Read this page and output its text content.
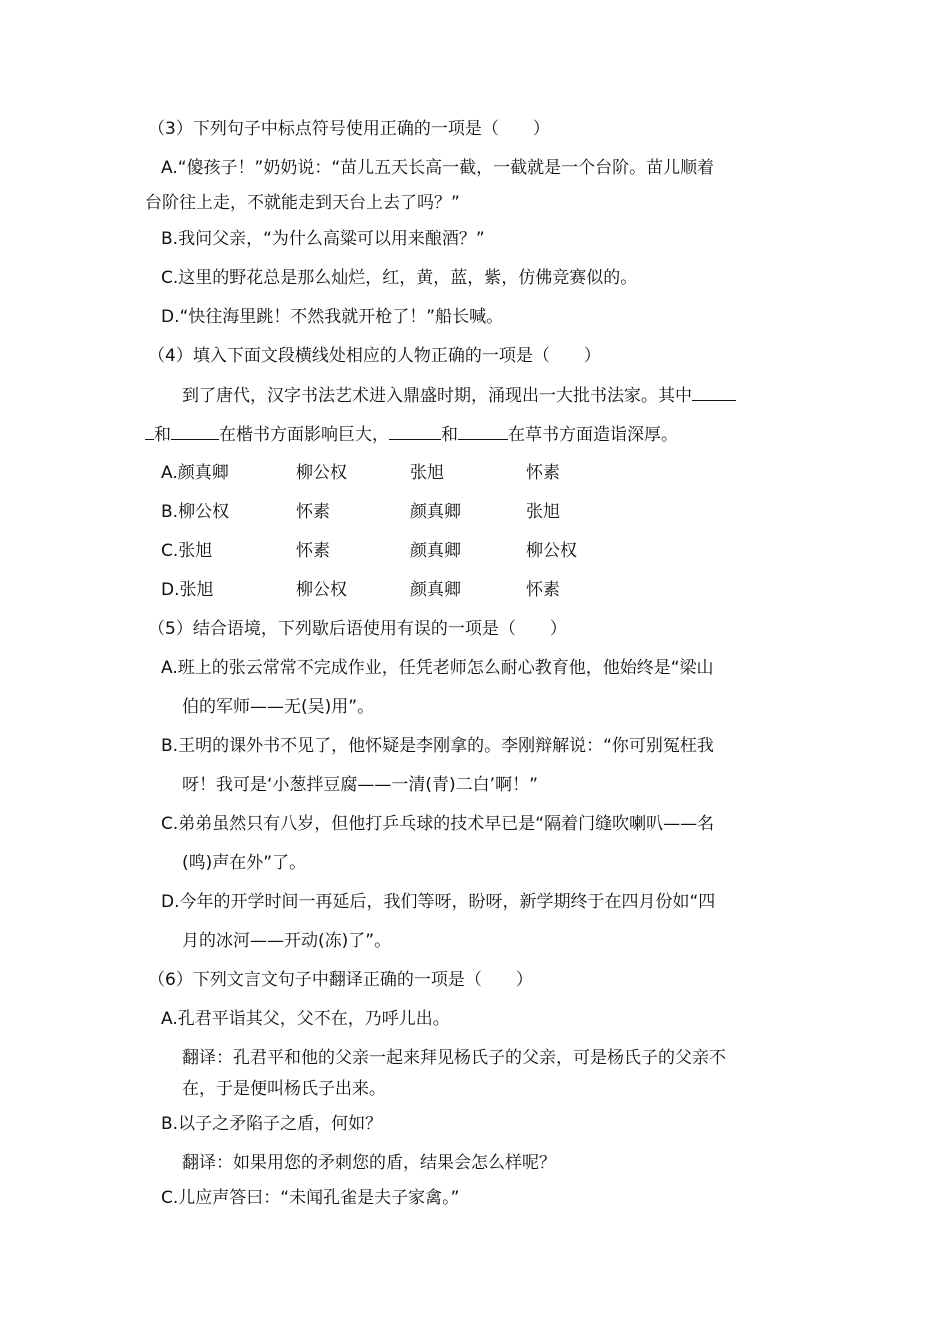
（3）下列句子中标点符号使用正确的一项是（　　）
A.“傻孩子！”奶奶说：“苗儿五天长高一截，一截就是一个台阶。苗儿顺着
台阶往上走，不就能走到天台上去了吗？”
B.我问父亲，“为什么高粱可以用来酿酒？”
C.这里的野花总是那么灿烂，红，黄，蓝，紫，仿佛竞赛似的。
D.“快往海里跳！不然我就开枪了！”船长喊。
（4）填入下面文段横线处相应的人物正确的一项是（　　）
到了唐代，汉字书法艺术进入鼎盛时期，涌现出一大批书法家。其中
和	在楷书方面影响巨大，	和	在草书方面造诣深厚。
A.颜真卿	柳公权	张旭	怀素
B.柳公权	怀素	颜真卿	张旭
C.张旭	怀素	颜真卿	柳公权
D.张旭	柳公权	颜真卿	怀素
（5）结合语境，下列歇后语使用有误的一项是（　　）
A.班上的张云常常不完成作业，任凭老师怎么耐心教育他，他始终是“梁山
伯的军师——无(吴)用”。
B.王明的课外书不见了，他怀疑是李刚拿的。李刚辩解说：“你可别冤枉我
呀！我可是‘小葱拌豆腐——一清(青)二白’啊！”
C.弟弟虽然只有八岁，但他打乒乓球的技术早已是“隔着门缝吹喇叭——名
(鸣)声在外”了。
D.今年的开学时间一再延后，我们等呀，盼呀，新学期终于在四月份如“四
月的冰河——开动(冻)了”。
（6）下列文言文句子中翻译正确的一项是（　　）
A.孔君平诣其父，父不在，乃呼儿出。
翻译：孔君平和他的父亲一起来拜见杨氏子的父亲，可是杨氏子的父亲不
在，于是便叫杨氏子出来。
B.以子之矛陷子之盾，何如？
翻译：如果用您的矛刺您的盾，结果会怎么样呢？
C.儿应声答曰：“未闻孔雀是夫子家禽。”
